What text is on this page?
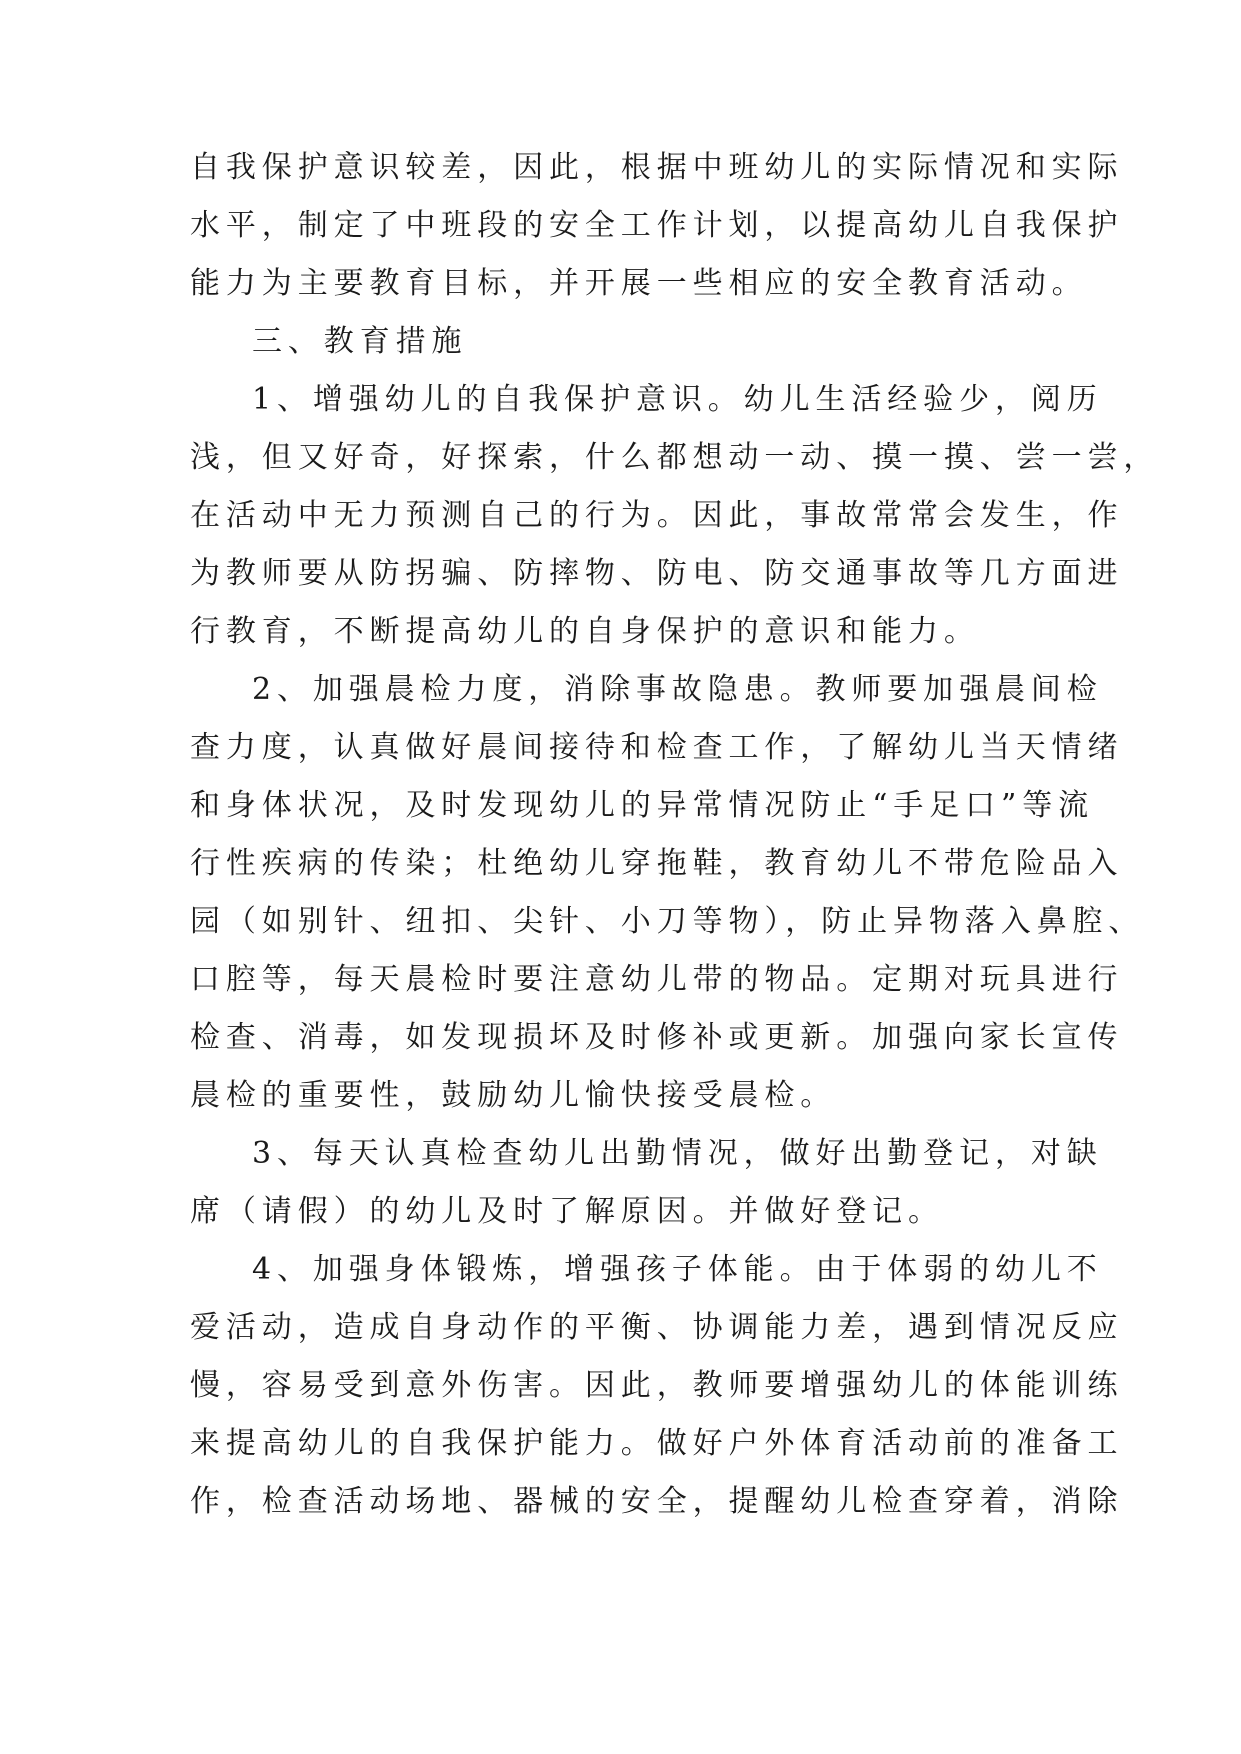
自我保护意识较差，因此，根据中班幼儿的实际情况和实际
水平，制定了中班段的安全工作计划，以提高幼儿自我保护
能力为主要教育目标，并开展一些相应的安全教育活动。
三、教育措施
1、增强幼儿的自我保护意识。幼儿生活经验少，阅历
浅，但又好奇，好探索，什么都想动一动、摸一摸、尝一尝，
在活动中无力预测自己的行为。因此，事故常常会发生，作
为教师要从防拐骗、防摔物、防电、防交通事故等几方面进
行教育，不断提高幼儿的自身保护的意识和能力。
2、加强晨检力度，消除事故隐患。教师要加强晨间检
查力度，认真做好晨间接待和检查工作，了解幼儿当天情绪
和身体状况，及时发现幼儿的异常情况防止“手足口”等流
行性疾病的传染；杜绝幼儿穿拖鞋，教育幼儿不带危险品入
园（如别针、纽扣、尖针、小刀等物），防止异物落入鼻腔、
口腔等，每天晨检时要注意幼儿带的物品。定期对玩具进行
检查、消毒，如发现损坏及时修补或更新。加强向家长宣传
晨检的重要性，鼓励幼儿愉快接受晨检。
3、每天认真检查幼儿出勤情况，做好出勤登记，对缺
席（请假）的幼儿及时了解原因。并做好登记。
4、加强身体锻炼，增强孩子体能。由于体弱的幼儿不
爱活动，造成自身动作的平衡、协调能力差，遇到情况反应
慢，容易受到意外伤害。因此，教师要增强幼儿的体能训练
来提高幼儿的自我保护能力。做好户外体育活动前的准备工
作，检查活动场地、器械的安全，提醒幼儿检查穿着，消除
